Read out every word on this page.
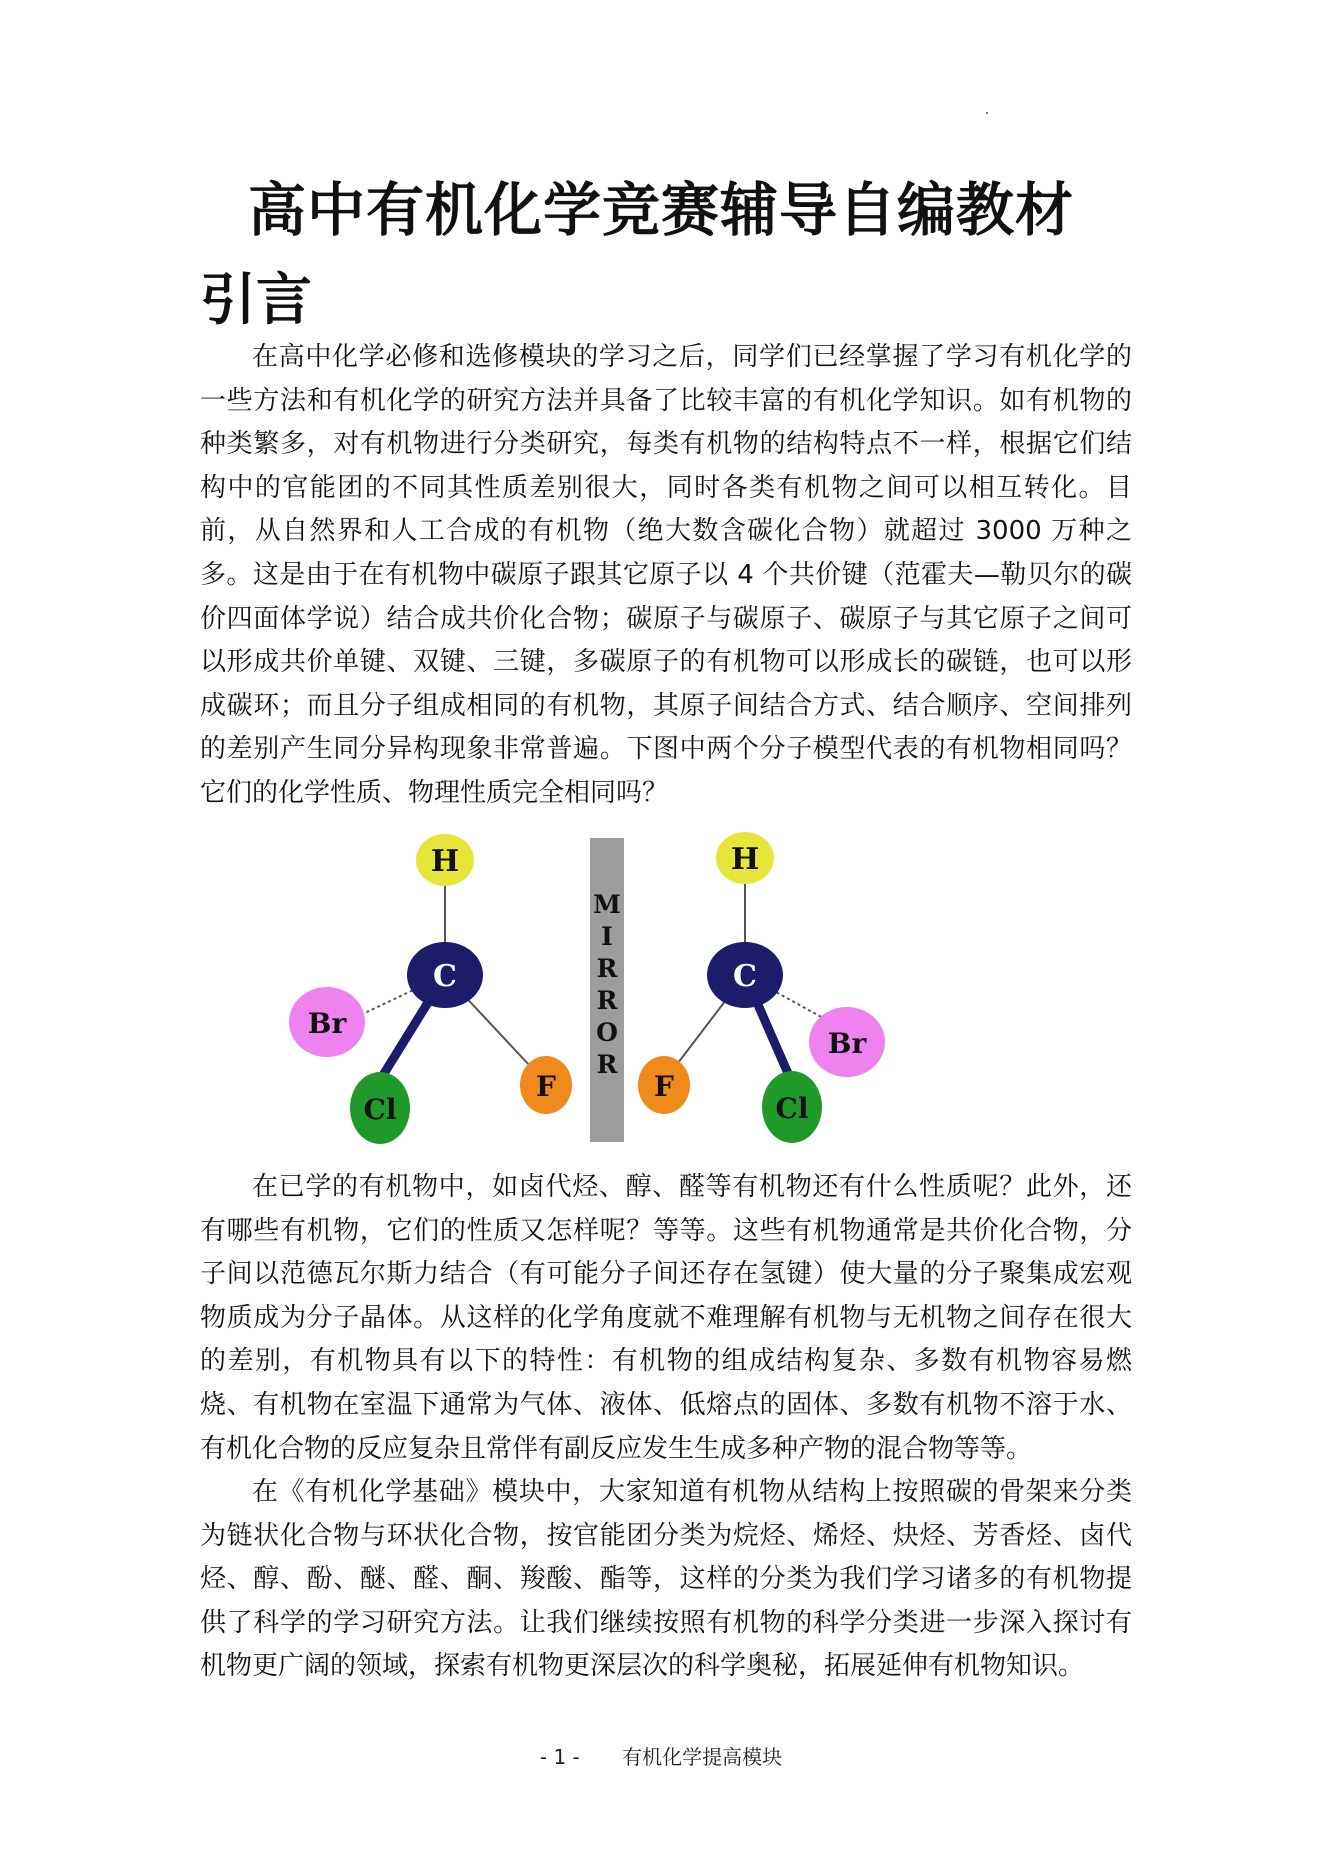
高中有机化学竞赛辅导自编教材
引言

在高中化学必修和选修模块的学习之后，同学们已经掌握了学习有机化学的一些方法和有机化学的研究方法并具备了比较丰富的有机化学知识。如有机物的种类繁多，对有机物进行分类研究，每类有机物的结构特点不一样，根据它们结构中的官能团的不同其性质差别很大，同时各类有机物之间可以相互转化。目前，从自然界和人工合成的有机物（绝大数含碳化合物）就超过 3000 万种之多。这是由于在有机物中碳原子跟其它原子以 4 个共价键（范霍夫—勒贝尔的碳价四面体学说）结合成共价化合物；碳原子与碳原子、碳原子与其它原子之间可以形成共价单键、双键、三键，多碳原子的有机物可以形成长的碳链，也可以形成碳环；而且分子组成相同的有机物，其原子间结合方式、结合顺序、空间排列的差别产生同分异构现象非常普遍。下图中两个分子模型代表的有机物相同吗？它们的化学性质、物理性质完全相同吗？

H
C
Br
Cl
F
M
I
R
R
O
R
H
C
Br
Cl
F

在已学的有机物中，如卤代烃、醇、醛等有机物还有什么性质呢？此外，还有哪些有机物，它们的性质又怎样呢？等等。这些有机物通常是共价化合物，分子间以范德瓦尔斯力结合（有可能分子间还存在氢键）使大量的分子聚集成宏观物质成为分子晶体。从这样的化学角度就不难理解有机物与无机物之间存在很大的差别，有机物具有以下的特性：有机物的组成结构复杂、多数有机物容易燃烧、有机物在室温下通常为气体、液体、低熔点的固体、多数有机物不溶于水、有机化合物的反应复杂且常伴有副反应发生生成多种产物的混合物等等。

在《有机化学基础》模块中，大家知道有机物从结构上按照碳的骨架来分类为链状化合物与环状化合物，按官能团分类为烷烃、烯烃、炔烃、芳香烃、卤代烃、醇、酚、醚、醛、酮、羧酸、酯等，这样的分类为我们学习诸多的有机物提供了科学的学习研究方法。让我们继续按照有机物的科学分类进一步深入探讨有机物更广阔的领域，探索有机物更深层次的科学奥秘，拓展延伸有机物知识。

- 1 - 有机化学提高模块
